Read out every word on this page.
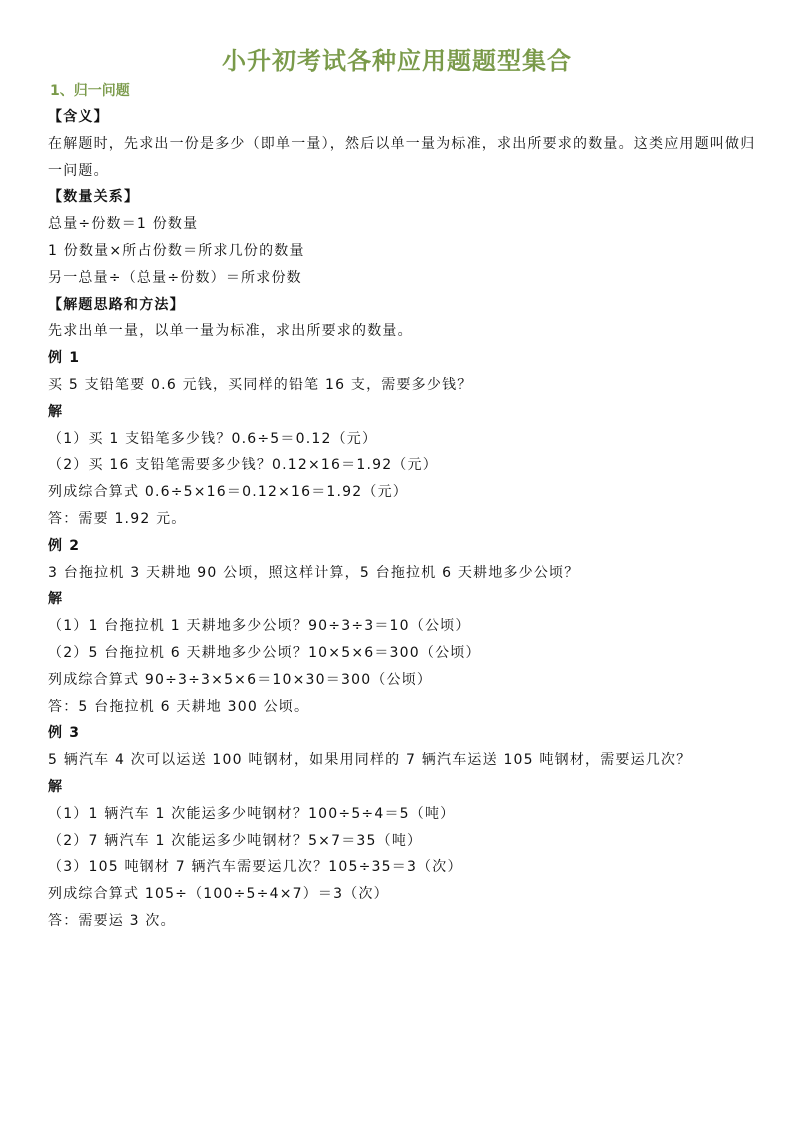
小升初考试各种应用题题型集合
1、归一问题

【含义】

在解题时，先求出一份是多少（即单一量），然后以单一量为标准，求出所要求的数量。这类应用题叫做归一问题。

【数量关系】

总量÷份数＝1 份数量

1 份数量×所占份数＝所求几份的数量

另一总量÷（总量÷份数）＝所求份数

【解题思路和方法】

先求出单一量，以单一量为标准，求出所要求的数量。

例 1

买 5 支铅笔要 0.6 元钱，买同样的铅笔 16 支，需要多少钱？

解

（1）买 1 支铅笔多少钱？0.6÷5＝0.12（元）

（2）买 16 支铅笔需要多少钱？0.12×16＝1.92（元）

列成综合算式 0.6÷5×16＝0.12×16＝1.92（元）

答：需要 1.92 元。

例 2

3 台拖拉机 3 天耕地 90 公顷，照这样计算，5 台拖拉机 6 天耕地多少公顷？

解

（1）1 台拖拉机 1 天耕地多少公顷？90÷3÷3＝10（公顷）

（2）5 台拖拉机 6 天耕地多少公顷？10×5×6＝300（公顷）

列成综合算式 90÷3÷3×5×6＝10×30＝300（公顷）

答：5 台拖拉机 6 天耕地 300 公顷。

例 3

5 辆汽车 4 次可以运送 100 吨钢材，如果用同样的 7 辆汽车运送 105 吨钢材，需要运几次？

解

（1）1 辆汽车 1 次能运多少吨钢材？100÷5÷4＝5（吨）

（2）7 辆汽车 1 次能运多少吨钢材？5×7＝35（吨）

（3）105 吨钢材 7 辆汽车需要运几次？105÷35＝3（次）

列成综合算式 105÷（100÷5÷4×7）＝3（次）

答：需要运 3 次。
